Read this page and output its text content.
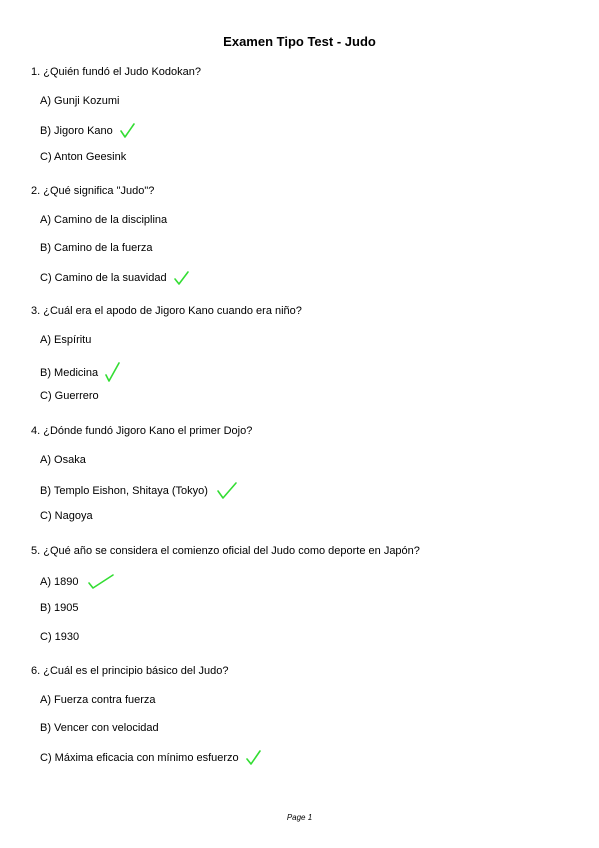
Examen Tipo Test - Judo
1. ¿Quién fundó el Judo Kodokan?
A) Gunji Kozumi
B) Jigoro Kano
C) Anton Geesink
2. ¿Qué significa "Judo"?
A) Camino de la disciplina
B) Camino de la fuerza
C) Camino de la suavidad
3. ¿Cuál era el apodo de Jigoro Kano cuando era niño?
A) Espíritu
B) Medicina
C) Guerrero
4. ¿Dónde fundó Jigoro Kano el primer Dojo?
A) Osaka
B) Templo Eishon, Shitaya (Tokyo)
C) Nagoya
5. ¿Qué año se considera el comienzo oficial del Judo como deporte en Japón?
A) 1890
B) 1905
C) 1930
6. ¿Cuál es el principio básico del Judo?
A) Fuerza contra fuerza
B) Vencer con velocidad
C) Máxima eficacia con mínimo esfuerzo
Page 1
